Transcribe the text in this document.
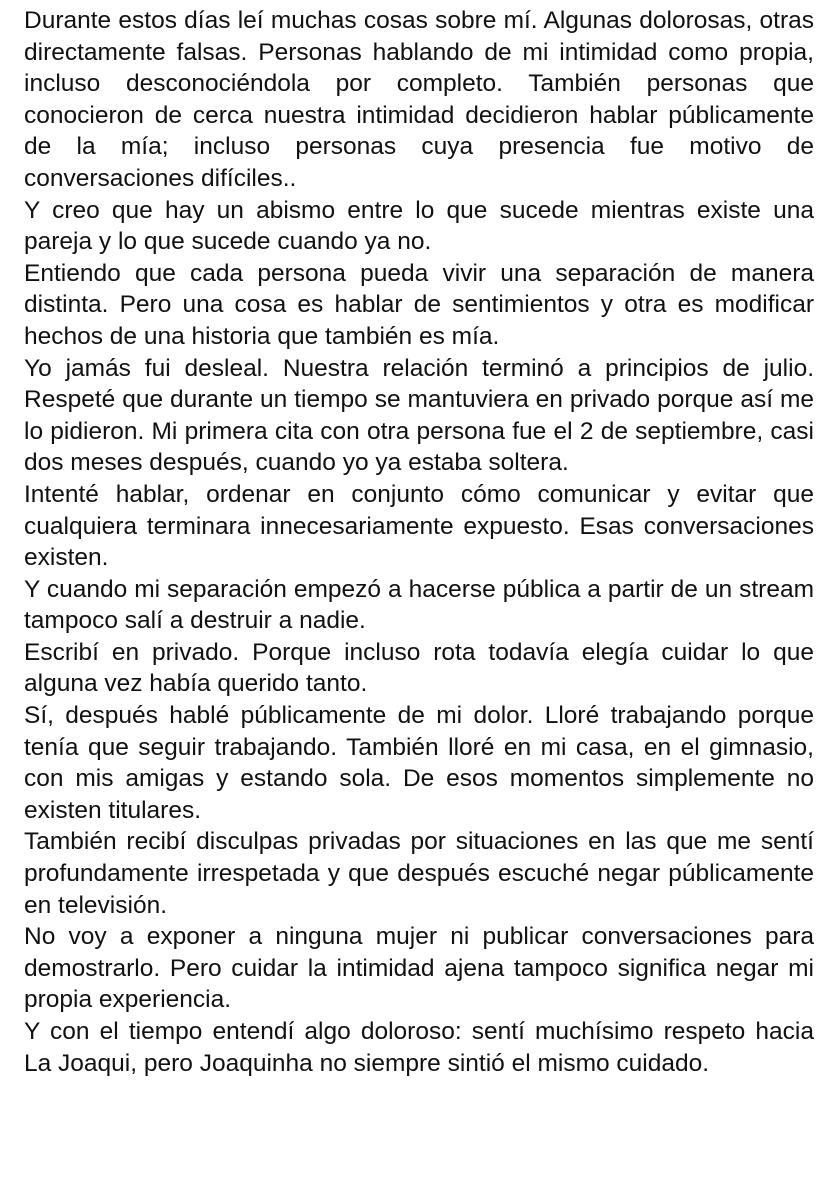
Durante estos días leí muchas cosas sobre mí. Algunas dolorosas, otras directamente falsas. Personas hablando de mi intimidad como propia, incluso desconociéndola por completo. También personas que conocieron de cerca nuestra intimidad decidieron hablar públicamente de la mía; incluso personas cuya presencia fue motivo de conversaciones difíciles..

Y creo que hay un abismo entre lo que sucede mientras existe una pareja y lo que sucede cuando ya no.

Entiendo que cada persona pueda vivir una separación de manera distinta. Pero una cosa es hablar de sentimientos y otra es modificar hechos de una historia que también es mía.

Yo jamás fui desleal. Nuestra relación terminó a principios de julio. Respeté que durante un tiempo se mantuviera en privado porque así me lo pidieron. Mi primera cita con otra persona fue el 2 de septiembre, casi dos meses después, cuando yo ya estaba soltera.

Intenté hablar, ordenar en conjunto cómo comunicar y evitar que cualquiera terminara innecesariamente expuesto. Esas conversaciones existen.

Y cuando mi separación empezó a hacerse pública a partir de un stream tampoco salí a destruir a nadie.

Escribí en privado. Porque incluso rota todavía elegía cuidar lo que alguna vez había querido tanto.

Sí, después hablé públicamente de mi dolor. Lloré trabajando porque tenía que seguir trabajando. También lloré en mi casa, en el gimnasio, con mis amigas y estando sola. De esos momentos simplemente no existen titulares.

También recibí disculpas privadas por situaciones en las que me sentí profundamente irrespetada y que después escuché negar públicamente en televisión.

No voy a exponer a ninguna mujer ni publicar conversaciones para demostrarlo. Pero cuidar la intimidad ajena tampoco significa negar mi propia experiencia.

Y con el tiempo entendí algo doloroso: sentí muchísimo respeto hacia La Joaqui, pero Joaquinha no siempre sintió el mismo cuidado.
